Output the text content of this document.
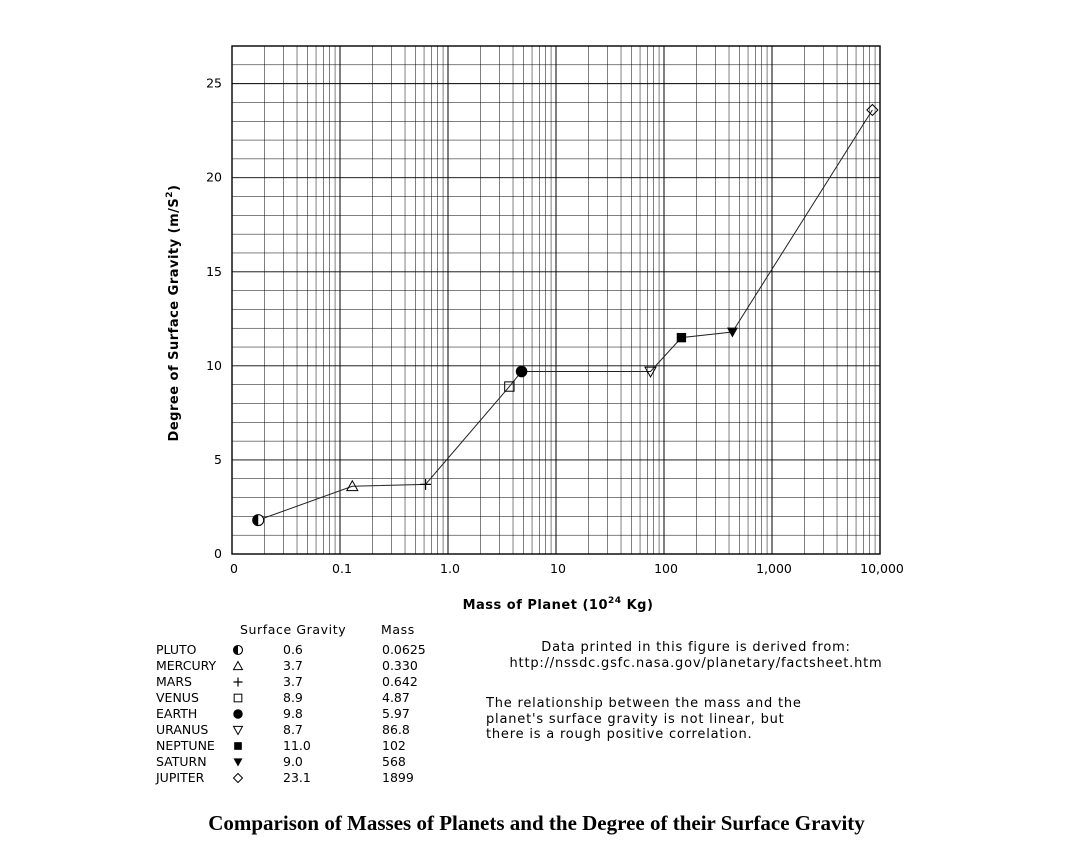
0
5
10
15
20
25
0	0.1	1.0	10	100	1,000	10,000
Mass of Planet ($10^{24}$ Kg)
Degree of Surface Gravity $(m/S^2)$
Surface Gravity	Mass
PLUTO	0.6	0.0625
MERCURY	3.7	0.330
MARS	3.7	0.642
VENUS	8.9	4.87
EARTH	9.8	5.97
URANUS	8.7	86.8
NEPTUNE	11.0	102
SATURN	9.0	568
JUPITER	23.1	1899
Data printed in this figure is derived from:
http://nssdc.gsfc.nasa.gov/planetary/factsheet.htm
The relationship between the mass and the
planet's surface gravity is not linear, but
there is a rough positive correlation.
Comparison of Masses of Planets and the Degree of their Surface Gravity
